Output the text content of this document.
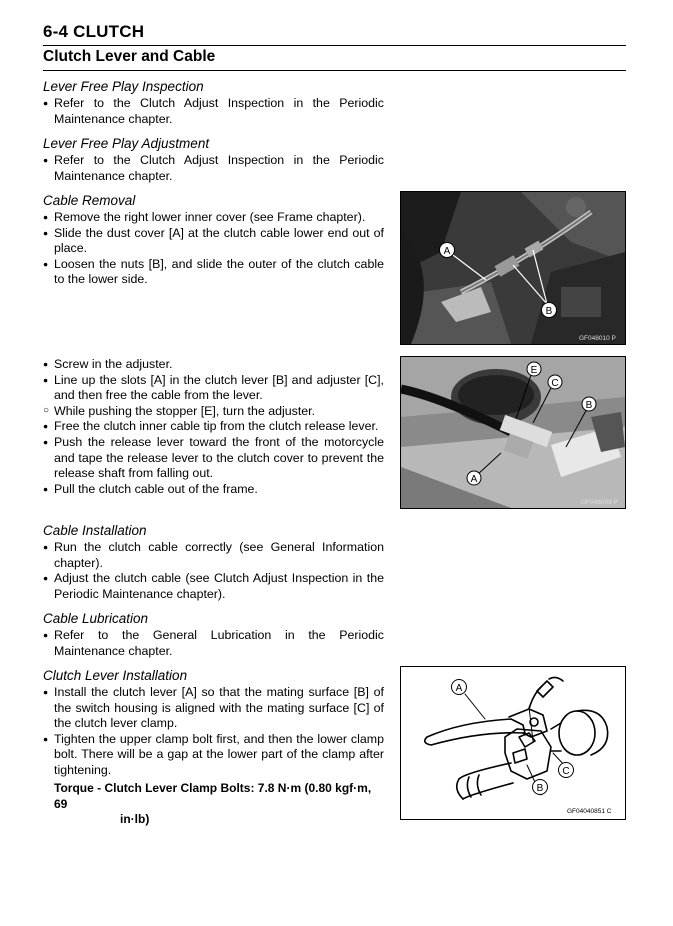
6-4 CLUTCH
Clutch Lever and Cable
Lever Free Play Inspection
● Refer to the Clutch Adjust Inspection in the Periodic Maintenance chapter.
Lever Free Play Adjustment
● Refer to the Clutch Adjust Inspection in the Periodic Maintenance chapter.
Cable Removal
● Remove the right lower inner cover (see Frame chapter).
● Slide the dust cover [A] at the clutch cable lower end out of place.
● Loosen the nuts [B], and slide the outer of the clutch cable to the lower side.
● Screw in the adjuster.
● Line up the slots [A] in the clutch lever [B] and adjuster [C], and then free the cable from the lever.
○ While pushing the stopper [E], turn the adjuster.
● Free the clutch inner cable tip from the clutch release lever.
● Push the release lever toward the front of the motorcycle and tape the release lever to the clutch cover to prevent the release shaft from falling out.
● Pull the clutch cable out of the frame.
Cable Installation
● Run the clutch cable correctly (see General Information chapter).
● Adjust the clutch cable (see Clutch Adjust Inspection in the Periodic Maintenance chapter).
Cable Lubrication
● Refer to the General Lubrication in the Periodic Maintenance chapter.
Clutch Lever Installation
● Install the clutch lever [A] so that the mating surface [B] of the switch housing is aligned with the mating surface [C] of the clutch lever clamp.
● Tighten the upper clamp bolt first, and then the lower clamp bolt. There will be a gap at the lower part of the clamp after tightening.
Torque - Clutch Lever Clamp Bolts: 7.8 N·m (0.80 kgf·m, 69
in·lb)
A
B
GF048010 P
E
C
B
A
GF048009 P
A
B
C
GF04040851 C
